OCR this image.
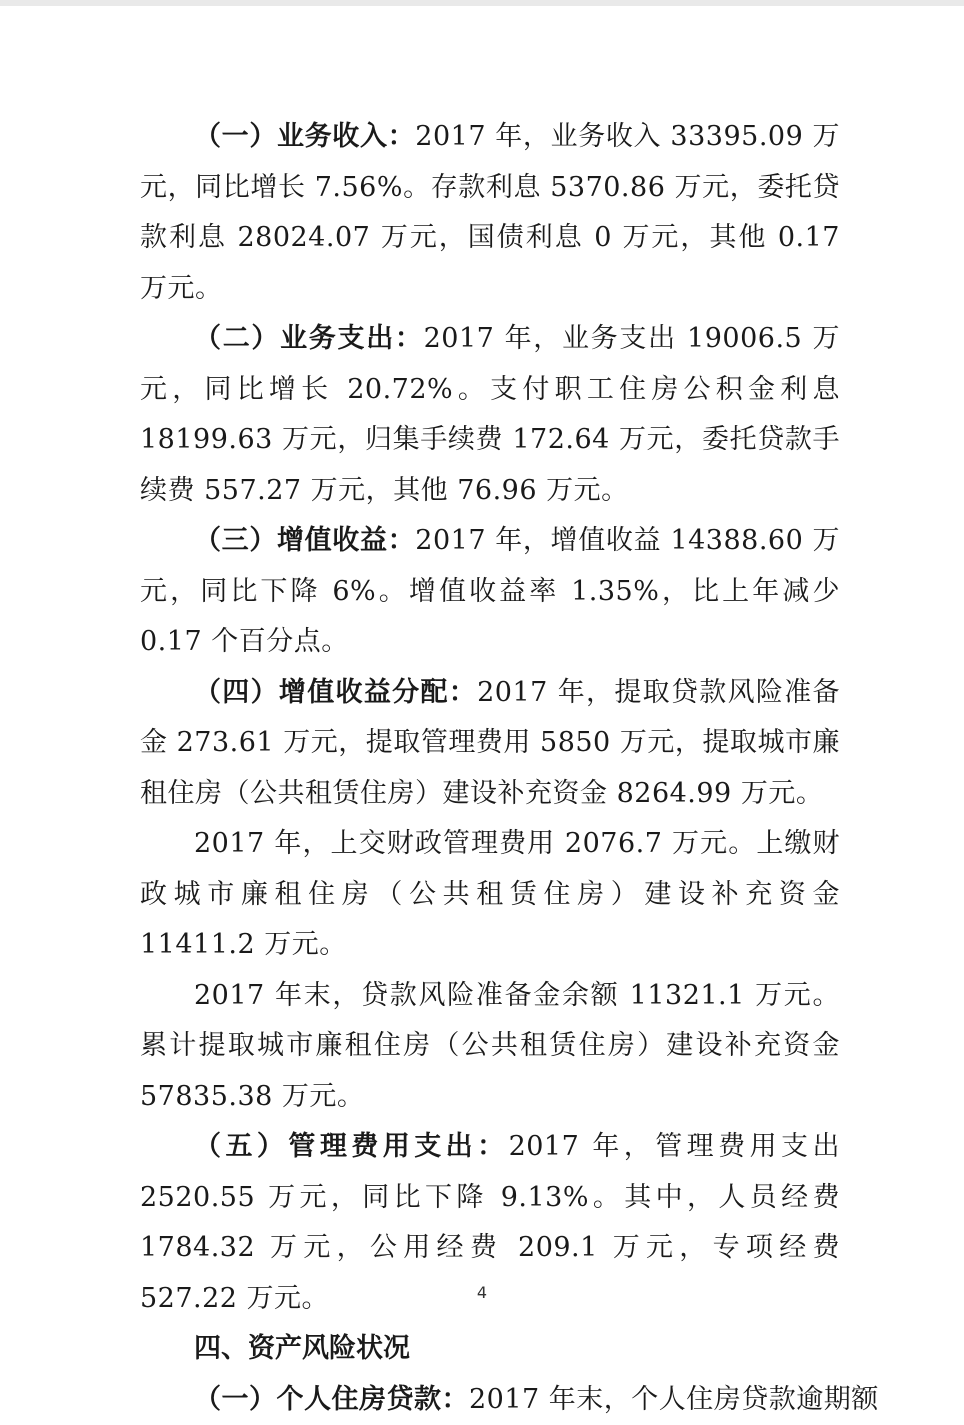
（一）业务收入：2017 年，业务收入 33395.09 万元，同比增长 7.56%。存款利息 5370.86 万元，委托贷款利息 28024.07 万元，国债利息 0 万元，其他 0.17 万元。

（二）业务支出：2017 年，业务支出 19006.5 万元，同比增长 20.72%。支付职工住房公积金利息 18199.63 万元，归集手续费 172.64 万元，委托贷款手续费 557.27 万元，其他 76.96 万元。

（三）增值收益：2017 年，增值收益 14388.60 万元，同比下降 6%。增值收益率 1.35%，比上年减少 0.17 个百分点。

（四）增值收益分配：2017 年，提取贷款风险准备金 273.61 万元，提取管理费用 5850 万元，提取城市廉租住房（公共租赁住房）建设补充资金 8264.99 万元。

2017 年，上交财政管理费用 2076.7 万元。上缴财政城市廉租住房（公共租赁住房）建设补充资金 11411.2 万元。

2017 年末，贷款风险准备金余额 11321.1 万元。累计提取城市廉租住房（公共租赁住房）建设补充资金 57835.38 万元。

（五）管理费用支出：2017 年，管理费用支出 2520.55 万元，同比下降 9.13%。其中，人员经费 1784.32 万元，公用经费 209.1 万元，专项经费 527.22 万元。

四、资产风险状况

（一）个人住房贷款：2017 年末，个人住房贷款逾期额

4
